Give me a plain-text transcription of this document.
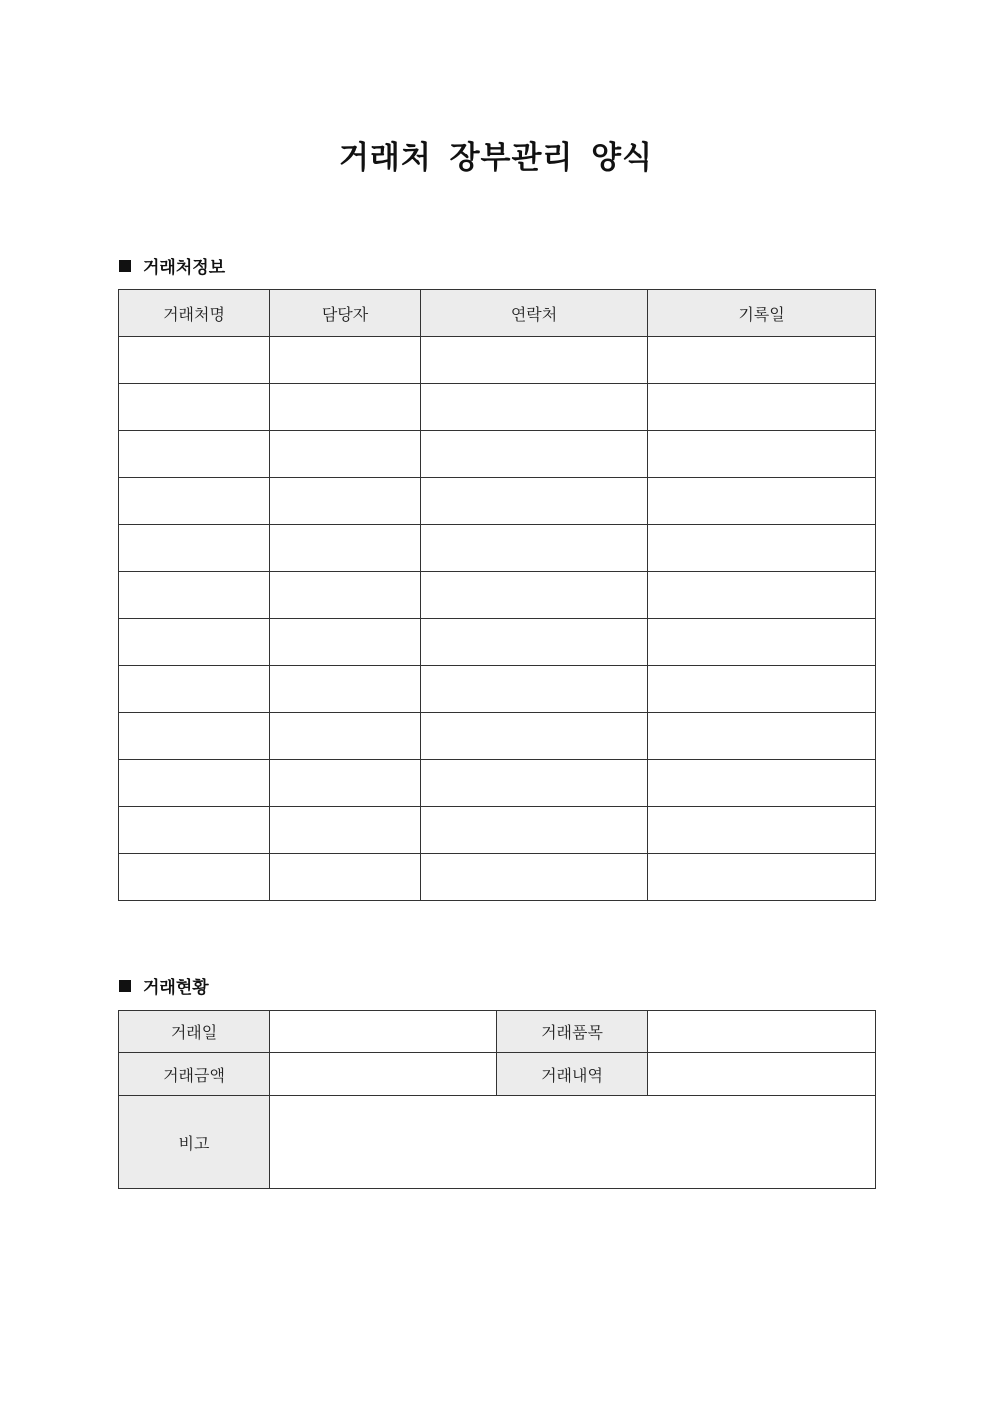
거래처 장부관리 양식
거래처정보
거래처명	담당자	연락처	기록일

거래현황
거래일		거래품목	
거래금액		거래내역	
비고			
